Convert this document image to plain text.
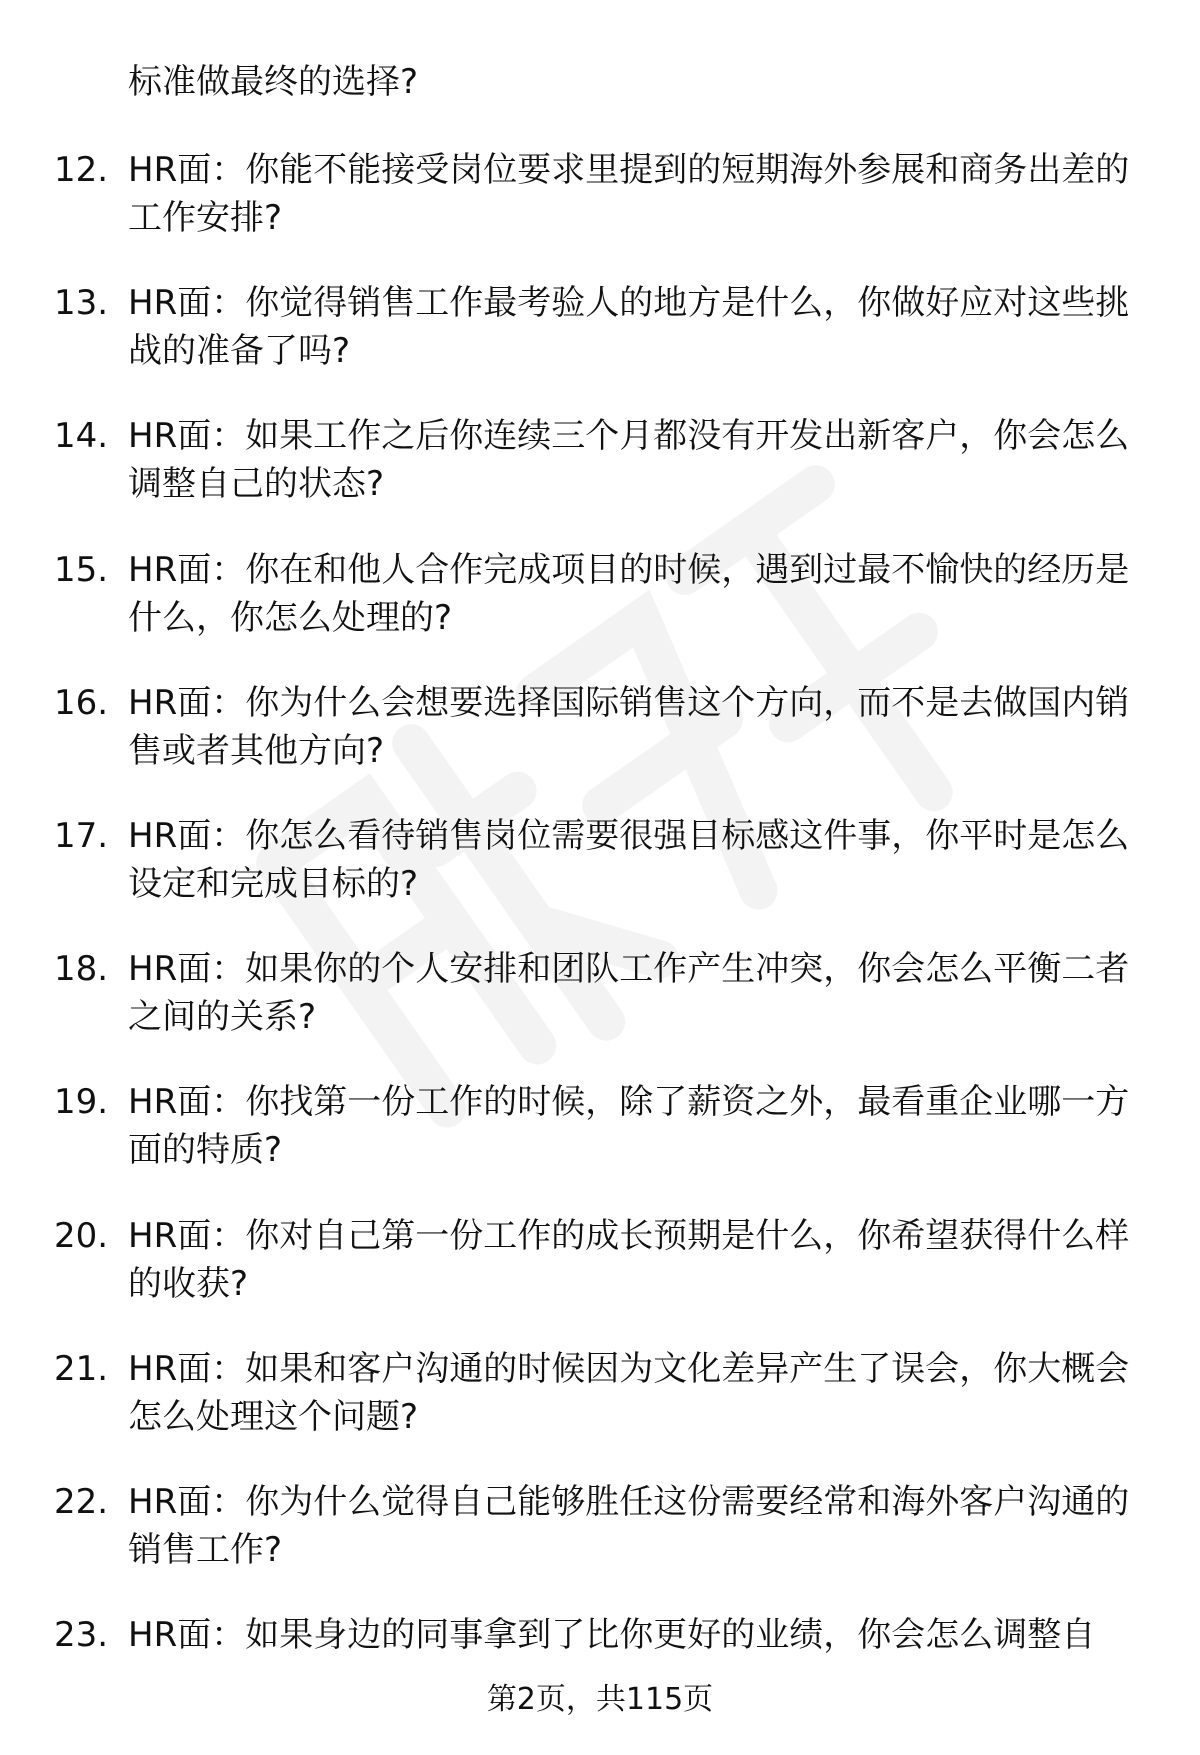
标准做最终的选择?
12. HR面：你能不能接受岗位要求里提到的短期海外参展和商务出差的工作安排?
13. HR面：你觉得销售工作最考验人的地方是什么，你做好应对这些挑战的准备了吗?
14. HR面：如果工作之后你连续三个月都没有开发出新客户，你会怎么调整自己的状态?
15. HR面：你在和他人合作完成项目的时候，遇到过最不愉快的经历是什么，你怎么处理的?
16. HR面：你为什么会想要选择国际销售这个方向，而不是去做国内销售或者其他方向?
17. HR面：你怎么看待销售岗位需要很强目标感这件事，你平时是怎么设定和完成目标的?
18. HR面：如果你的个人安排和团队工作产生冲突，你会怎么平衡二者之间的关系?
19. HR面：你找第一份工作的时候，除了薪资之外，最看重企业哪一方面的特质?
20. HR面：你对自己第一份工作的成长预期是什么，你希望获得什么样的收获?
21. HR面：如果和客户沟通的时候因为文化差异产生了误会，你大概会怎么处理这个问题?
22. HR面：你为什么觉得自己能够胜任这份需要经常和海外客户沟通的销售工作?
23. HR面：如果身边的同事拿到了比你更好的业绩，你会怎么调整自
第2页，共115页
